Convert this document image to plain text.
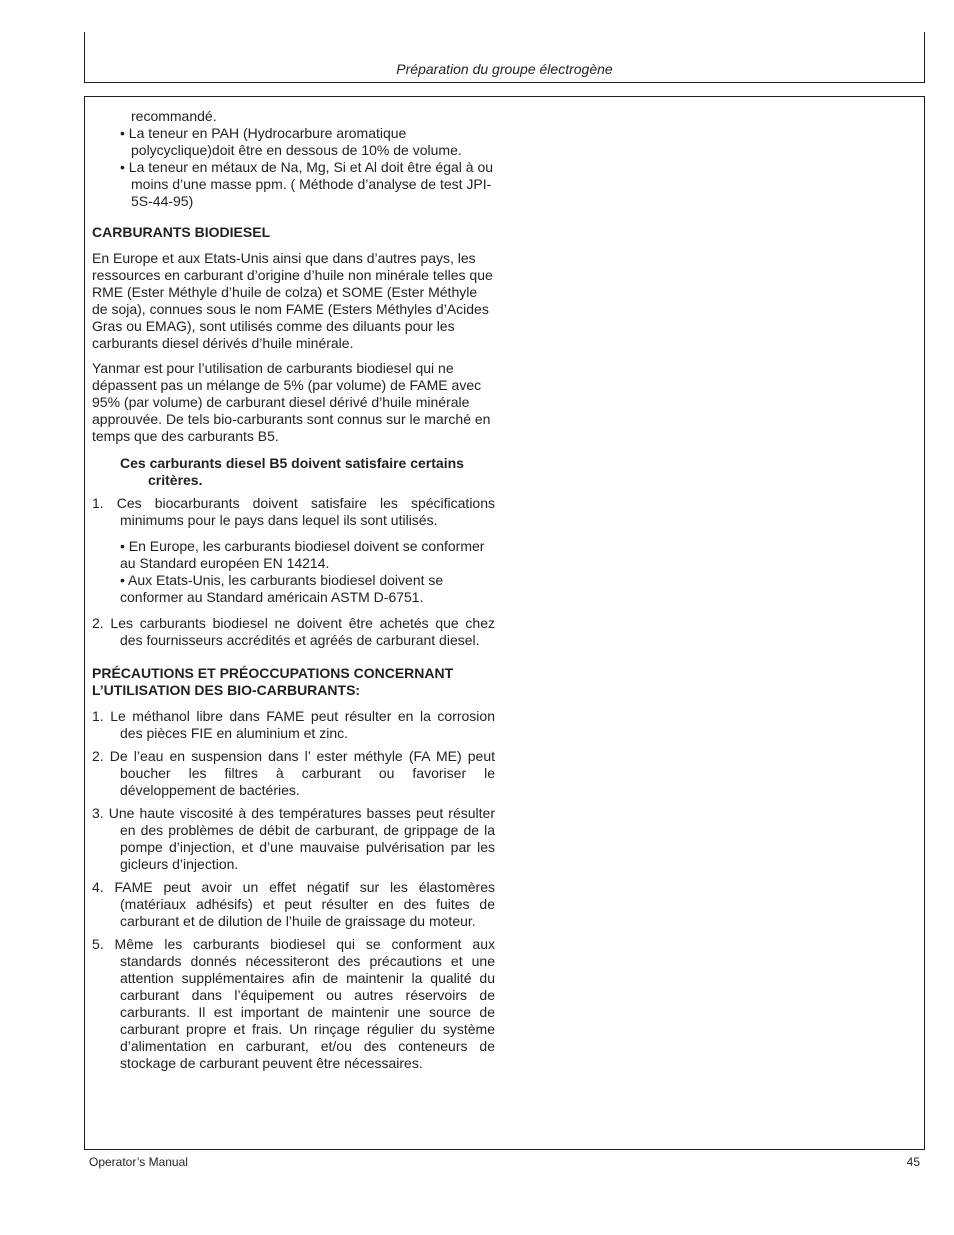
Préparation du groupe électrogène

recommandé.

• La teneur en PAH (Hydrocarbure aromatique polycyclique)doit être en dessous de 10% de volume.

• La teneur en métaux de Na, Mg, Si et Al doit être égal à ou moins d’une masse ppm. ( Méthode d’analyse de test JPI-5S-44-95)

CARBURANTS BIODIESEL

En Europe et aux Etats-Unis ainsi que dans d’autres pays, les ressources en carburant d’origine d’huile non minérale telles que RME (Ester Méthyle d’huile de colza) et SOME (Ester Méthyle de soja), connues sous le nom FAME (Esters Méthyles d’Acides Gras ou EMAG), sont utilisés comme des diluants pour les carburants diesel dérivés d’huile minérale.

Yanmar est pour l’utilisation de carburants biodiesel qui ne dépassent pas un mélange de 5% (par volume) de FAME avec 95% (par volume) de carburant diesel dérivé d’huile minérale approuvée. De tels bio-carburants sont connus sur le marché en temps que des carburants B5.

Ces carburants diesel B5 doivent satisfaire certains critères.

1. Ces biocarburants doivent satisfaire les spécifications minimums pour le pays dans lequel ils sont utilisés.

• En Europe, les carburants biodiesel doivent se conformer au Standard européen EN 14214.

• Aux Etats-Unis, les carburants biodiesel doivent se conformer au Standard américain ASTM D-6751.

2. Les carburants biodiesel ne doivent être achetés que chez des fournisseurs accrédités et agréés de carburant diesel.

PRÉCAUTIONS ET PRÉOCCUPATIONS CONCERNANT L’UTILISATION DES BIO-CARBURANTS:

1. Le méthanol libre dans FAME peut résulter en la corrosion des pièces FIE en aluminium et zinc.

2. De l’eau en suspension dans l’ ester méthyle (FA ME) peut boucher les filtres à carburant ou favoriser le développement de bactéries.

3. Une haute viscosité à des températures basses peut résulter en des problèmes de débit de carburant, de grippage de la pompe d’injection, et d’une mauvaise pulvérisation par les gicleurs d’injection.

4. FAME peut avoir un effet négatif sur les élastomères (matériaux adhésifs) et peut résulter en des fuites de carburant et de dilution de l’huile de graissage du moteur.

5. Même les carburants biodiesel qui se conforment aux standards donnés nécessiteront des précautions et une attention supplémentaires afin de maintenir la qualité du carburant dans l’équipement ou autres réservoirs de carburants. Il est important de maintenir une source de carburant propre et frais. Un rinçage régulier du système d’alimentation en carburant, et/ou des conteneurs de stockage de carburant peuvent être nécessaires.

Operator’s Manual	45
